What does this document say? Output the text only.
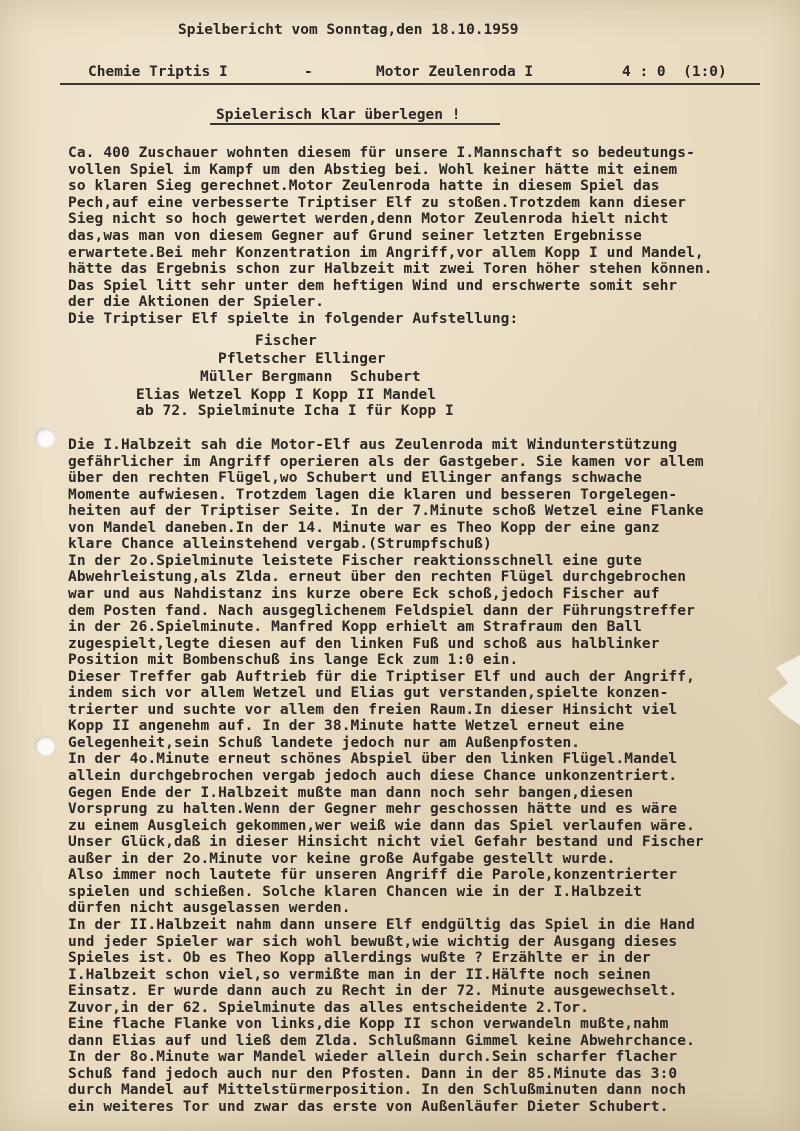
Spielbericht vom Sonntag,den 18.10.1959
Chemie Triptis I	-	Motor Zeulenroda I	4 : 0  (1:0)
Spielerisch klar überlegen !
Ca. 400 Zuschauer wohnten diesem für unsere I.Mannschaft so bedeutungs-
vollen Spiel im Kampf um den Abstieg bei. Wohl keiner hätte mit einem
so klaren Sieg gerechnet.Motor Zeulenroda hatte in diesem Spiel das
Pech,auf eine verbesserte Triptiser Elf zu stoßen.Trotzdem kann dieser
Sieg nicht so hoch gewertet werden,denn Motor Zeulenroda hielt nicht
das,was man von diesem Gegner auf Grund seiner letzten Ergebnisse
erwartete.Bei mehr Konzentration im Angriff,vor allem Kopp I und Mandel,
hätte das Ergebnis schon zur Halbzeit mit zwei Toren höher stehen können.
Das Spiel litt sehr unter dem heftigen Wind und erschwerte somit sehr
der die Aktionen der Spieler.
Die Triptiser Elf spielte in folgender Aufstellung:
Fischer
Pfletscher Ellinger
Müller Bergmann  Schubert
Elias Wetzel Kopp I Kopp II Mandel
ab 72. Spielminute Icha I für Kopp I
Die I.Halbzeit sah die Motor-Elf aus Zeulenroda mit Windunterstützung
gefährlicher im Angriff operieren als der Gastgeber. Sie kamen vor allem
über den rechten Flügel,wo Schubert und Ellinger anfangs schwache
Momente aufwiesen. Trotzdem lagen die klaren und besseren Torgelegen-
heiten auf der Triptiser Seite. In der 7.Minute schoß Wetzel eine Flanke
von Mandel daneben.In der 14. Minute war es Theo Kopp der eine ganz
klare Chance alleinstehend vergab.(Strumpfschuß)
In der 2o.Spielminute leistete Fischer reaktionsschnell eine gute
Abwehrleistung,als Zlda. erneut über den rechten Flügel durchgebrochen
war und aus Nahdistanz ins kurze obere Eck schoß,jedoch Fischer auf
dem Posten fand. Nach ausgeglichenem Feldspiel dann der Führungstreffer
in der 26.Spielminute. Manfred Kopp erhielt am Strafraum den Ball
zugespielt,legte diesen auf den linken Fuß und schoß aus halblinker
Position mit Bombenschuß ins lange Eck zum 1:0 ein.
Dieser Treffer gab Auftrieb für die Triptiser Elf und auch der Angriff,
indem sich vor allem Wetzel und Elias gut verstanden,spielte konzen-
trierter und suchte vor allem den freien Raum.In dieser Hinsicht viel
Kopp II angenehm auf. In der 38.Minute hatte Wetzel erneut eine
Gelegenheit,sein Schuß landete jedoch nur am Außenpfosten.
In der 4o.Minute erneut schönes Abspiel über den linken Flügel.Mandel
allein durchgebrochen vergab jedoch auch diese Chance unkonzentriert.
Gegen Ende der I.Halbzeit mußte man dann noch sehr bangen,diesen
Vorsprung zu halten.Wenn der Gegner mehr geschossen hätte und es wäre
zu einem Ausgleich gekommen,wer weiß wie dann das Spiel verlaufen wäre.
Unser Glück,daß in dieser Hinsicht nicht viel Gefahr bestand und Fischer
außer in der 2o.Minute vor keine große Aufgabe gestellt wurde.
Also immer noch lautete für unseren Angriff die Parole,konzentrierter
spielen und schießen. Solche klaren Chancen wie in der I.Halbzeit
dürfen nicht ausgelassen werden.
In der II.Halbzeit nahm dann unsere Elf endgültig das Spiel in die Hand
und jeder Spieler war sich wohl bewußt,wie wichtig der Ausgang dieses
Spieles ist. Ob es Theo Kopp allerdings wußte ? Erzählte er in der
I.Halbzeit schon viel,so vermißte man in der II.Hälfte noch seinen
Einsatz. Er wurde dann auch zu Recht in der 72. Minute ausgewechselt.
Zuvor,in der 62. Spielminute das alles entscheidente 2.Tor.
Eine flache Flanke von links,die Kopp II schon verwandeln mußte,nahm
dann Elias auf und ließ dem Zlda. Schlußmann Gimmel keine Abwehrchance.
In der 8o.Minute war Mandel wieder allein durch.Sein scharfer flacher
Schuß fand jedoch auch nur den Pfosten. Dann in der 85.Minute das 3:0
durch Mandel auf Mittelstürmerposition. In den Schlußminuten dann noch
ein weiteres Tor und zwar das erste von Außenläufer Dieter Schubert.
